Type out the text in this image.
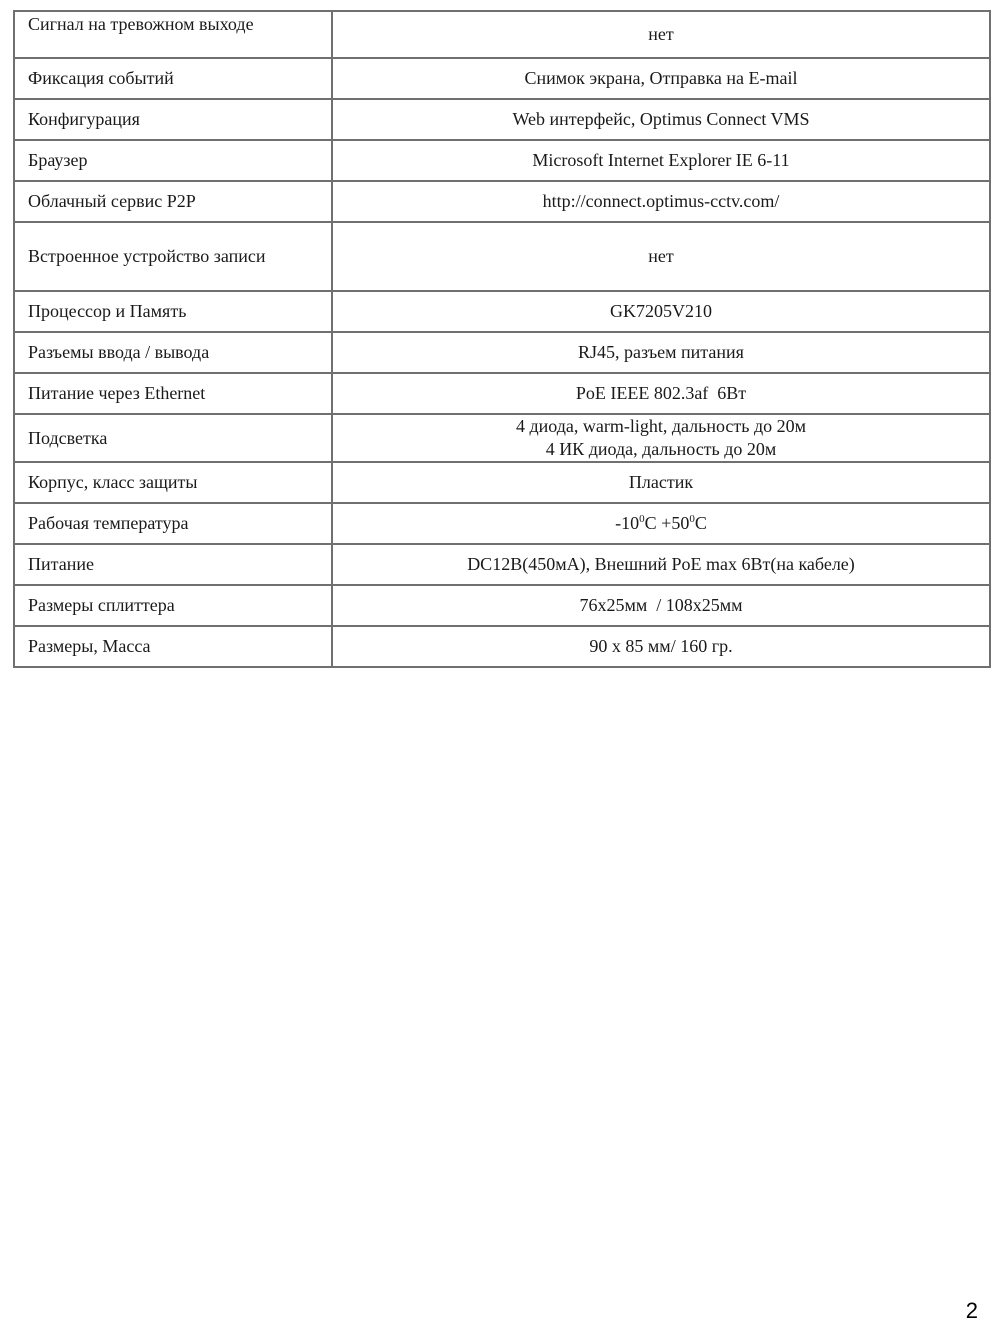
Сигнал на тревожном выходе	нет
Фиксация событий	Снимок экрана, Отправка на E-mail
Конфигурация	Web интерфейс, Optimus Connect VMS
Браузер	Microsoft Internet Explorer IE 6-11
Облачный сервис P2P	http://connect.optimus-cctv.com/
Встроенное устройство записи	нет
Процессор и Память	GK7205V210
Разъемы ввода / вывода	RJ45, разъем питания
Питание через Ethernet	PoE IEEE 802.3af  6Вт
Подсветка	4 диода, warm-light, дальность до 20м
4 ИК диода, дальность до 20м

Корпус, класс защиты	Пластик
Рабочая температура	$-10^0C +50^0C$
Питание	DC12В(450мА), Внешний PoE max 6Вт(на кабеле)
Размеры сплиттера	76х25мм  / 108х25мм
Размеры, Масса	90 х 85 мм/ 160 гр.
2
